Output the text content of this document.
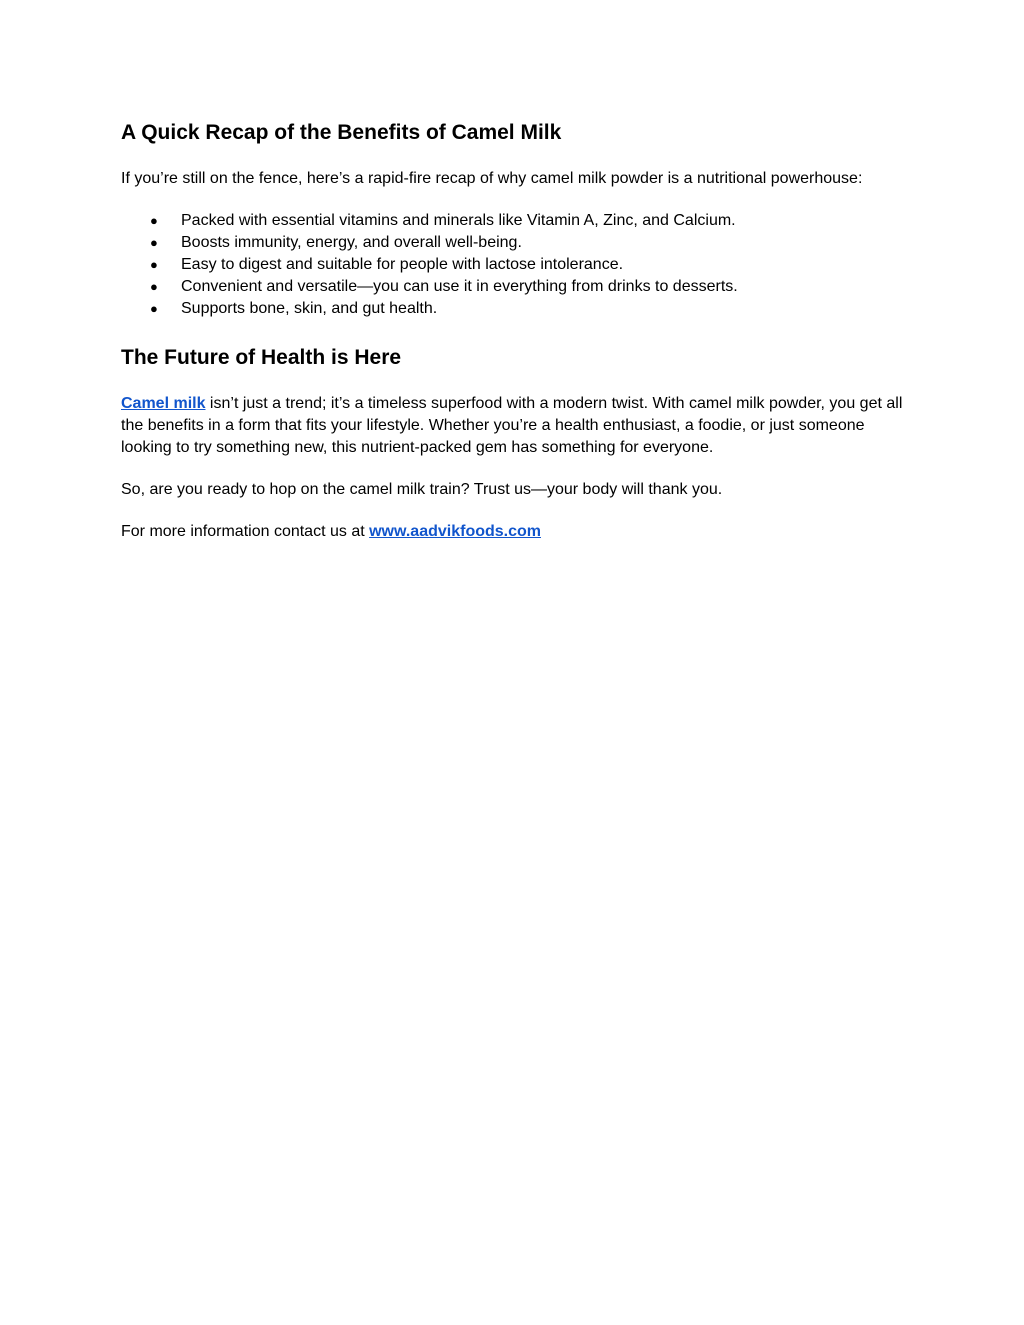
A Quick Recap of the Benefits of Camel Milk

If you’re still on the fence, here’s a rapid-fire recap of why camel milk powder is a nutritional powerhouse:

● Packed with essential vitamins and minerals like Vitamin A, Zinc, and Calcium.
● Boosts immunity, energy, and overall well-being.
● Easy to digest and suitable for people with lactose intolerance.
● Convenient and versatile—you can use it in everything from drinks to desserts.
● Supports bone, skin, and gut health.
The Future of Health is Here

Camel milk isn’t just a trend; it’s a timeless superfood with a modern twist. With camel milk powder, you get all the benefits in a form that fits your lifestyle. Whether you’re a health enthusiast, a foodie, or just someone looking to try something new, this nutrient-packed gem has something for everyone.

So, are you ready to hop on the camel milk train? Trust us—your body will thank you.

For more information contact us at www.aadvikfoods.com
